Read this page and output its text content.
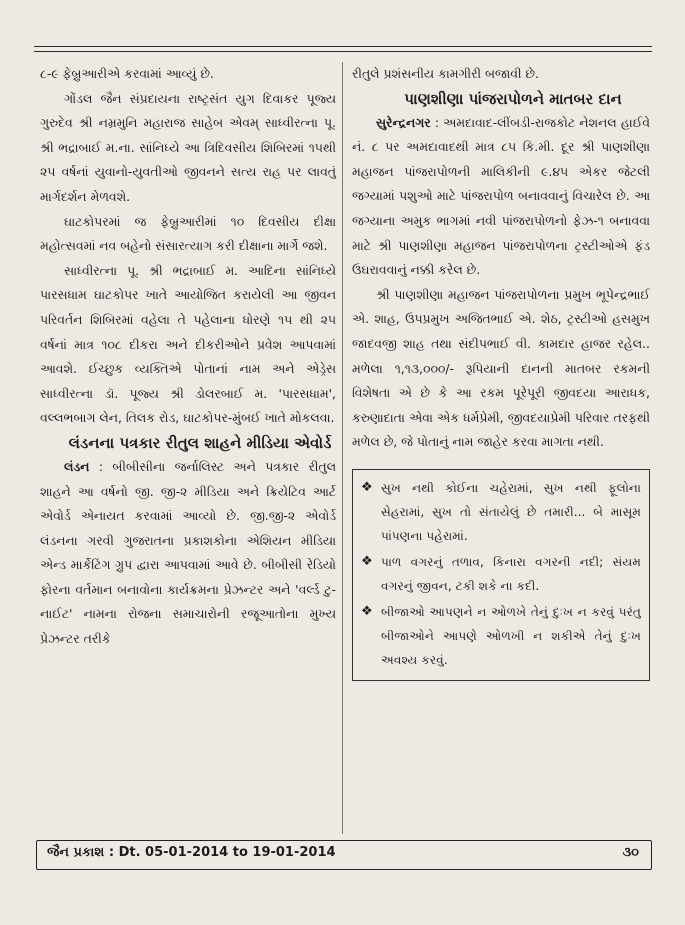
૮-૯ ફેબ્રુઆરીએ કરવામાં આવ્યું છે.

ગોંડલ જૈન સંપ્રદાયના રાષ્ટ્રસંત યુગ દિવાકર પૂજ્ય ગુરુદેવ શ્રી નમ્રમુનિ મહારાજ સાહેબ એવમ્ સાધ્વીરત્ના પૂ. શ્રી ભદ્રાબાઈ મ.ના. સાંનિધ્યે આ ત્રિદિવસીય શિબિરમાં ૧૫થી ૨૫ વર્ષનાં યુવાનો-યુવતીઓ જીવનને સત્ય રાહ પર લાવતું માર્ગદર્શન મેળવશે.

ઘાટકોપરમાં જ ફેબ્રુઆરીમાં ૧૦ દિવસીય દીક્ષા મહોત્સવમાં નવ બહેનો સંસારત્યાગ કરી દીક્ષાના માર્ગે જશે.

સાધ્વીરત્ના પૂ. શ્રી ભદ્રાબાઈ મ. આદિના સાંનિધ્યે પારસધામ ઘાટકોપર ખાતે આયોજિત કરાયેલી આ જીવન પરિવર્તન શિબિરમાં વહેલા તે પહેલાના ધોરણે ૧૫ થી ૨૫ વર્ષનાં માત્ર ૧૦૮ દીકરા અને દીકરીઓને પ્રવેશ આપવામાં આવશે. ઈચ્છુક વ્યક્તિએ પોતાનાં નામ અને એડ્રેસ સાધ્વીરત્ના ડૉ. પૂજ્ય શ્રી ડોલરબાઈ મ. 'પારસધામ', વલ્લભબાગ લેન, તિલક રોડ, ઘાટકોપર-મુંબઈ ખાતે મોકલવા.

લંડનના પત્રકાર રીતુલ શાહને મીડિયા એવોર્ડ

લંડન : બીબીસીના જર્નાલિસ્ટ અને પત્રકાર રીતુલ શાહને આ વર્ષનો જી. જી-૨ મીડિયા અને ક્રિયેટિવ આર્ટ એવોર્ડ એનાયત કરવામાં આવ્યો છે. જી.જી-૨ એવોર્ડ લંડનના ગરવી ગુજરાતના પ્રકાશકોના એશિયન મીડિયા એન્ડ માર્કેટિંગ ગ્રુપ દ્વારા આપવામાં આવે છે. બીબીસી રેડિયો ફોરના વર્તમાન બનાવોના કાર્યક્રમના પ્રેઝન્ટર અને 'વર્લ્ડ ટુ-નાઈટ' નામના રોજના સમાચારોની રજૂઆતોના મુખ્ય પ્રેઝન્ટર તરીકે

રીતુલે પ્રશંસનીય કામગીરી બજાવી છે.

પાણશીણા પાંજરાપોળને માતબર દાન

સુરેન્દ્રનગર : અમદાવાદ-લીંબડી-રાજકોટ નેશનલ હાઈવે નં. ૮ પર અમદાવાદથી માત્ર ૮૫ કિ.મી. દૂર શ્રી પાણશીણા મહાજન પાંજરાપોળની માલિકીની ૯.૪૫ એકર જેટલી જગ્યામાં પશુઓ માટે પાંજરાપોળ બનાવવાનું વિચારેલ છે. આ જગ્યાના અમુક ભાગમાં નવી પાંજરાપોળનો ફેઝ-૧ બનાવવા માટે શ્રી પાણશીણા મહાજન પાંજરાપોળના ટ્રસ્ટીઓએ ફંડ ઉઘરાવવાનું નક્કી કરેલ છે.

શ્રી પાણશીણા મહાજન પાંજરાપોળના પ્રમુખ ભૂપેન્દ્રભાઈ એ. શાહ, ઉપપ્રમુખ અજિતભાઈ એ. શેઠ, ટ્રસ્ટીઓ હસમુખ જાદવજી શાહ તથા સંદીપભાઈ વી. કામદાર હાજર રહેલ.. મળેલા ૧,૧૩,૦૦૦/- રૂપિયાની દાનની માતબર રકમની વિશેષતા એ છે કે આ રકમ પૂરેપૂરી જીવદયા આરાધક, કરુણાદાતા એવા એક ધર્મપ્રેમી, જીવદયાપ્રેમી પરિવાર તરફથી મળેલ છે, જે પોતાનું નામ જાહેર કરવા માગતા નથી.

❖ સુખ નથી કોઈના ચહેરામાં, સુખ નથી ફૂલોના સેહરામાં, સુખ તો સંતાયેલું છે તમારી... બે માસૂમ પાંપણના પહેરામાં.
❖ પાળ વગરનું તળાવ, કિનારા વગરની નદી; સંયમ વગરનું જીવન, ટકી શકે ના કદી.
❖ બીજાઓ આપણને ન ઓળખે તેનું દુઃખ ન કરવું પરંતુ બીજાઓને આપણે ઓળખી ન શકીએ તેનું દુઃખ અવશ્ય કરવું.
જૈન પ્રકાશ : Dt. 05-01-2014 to 19-01-2014	૩૦
